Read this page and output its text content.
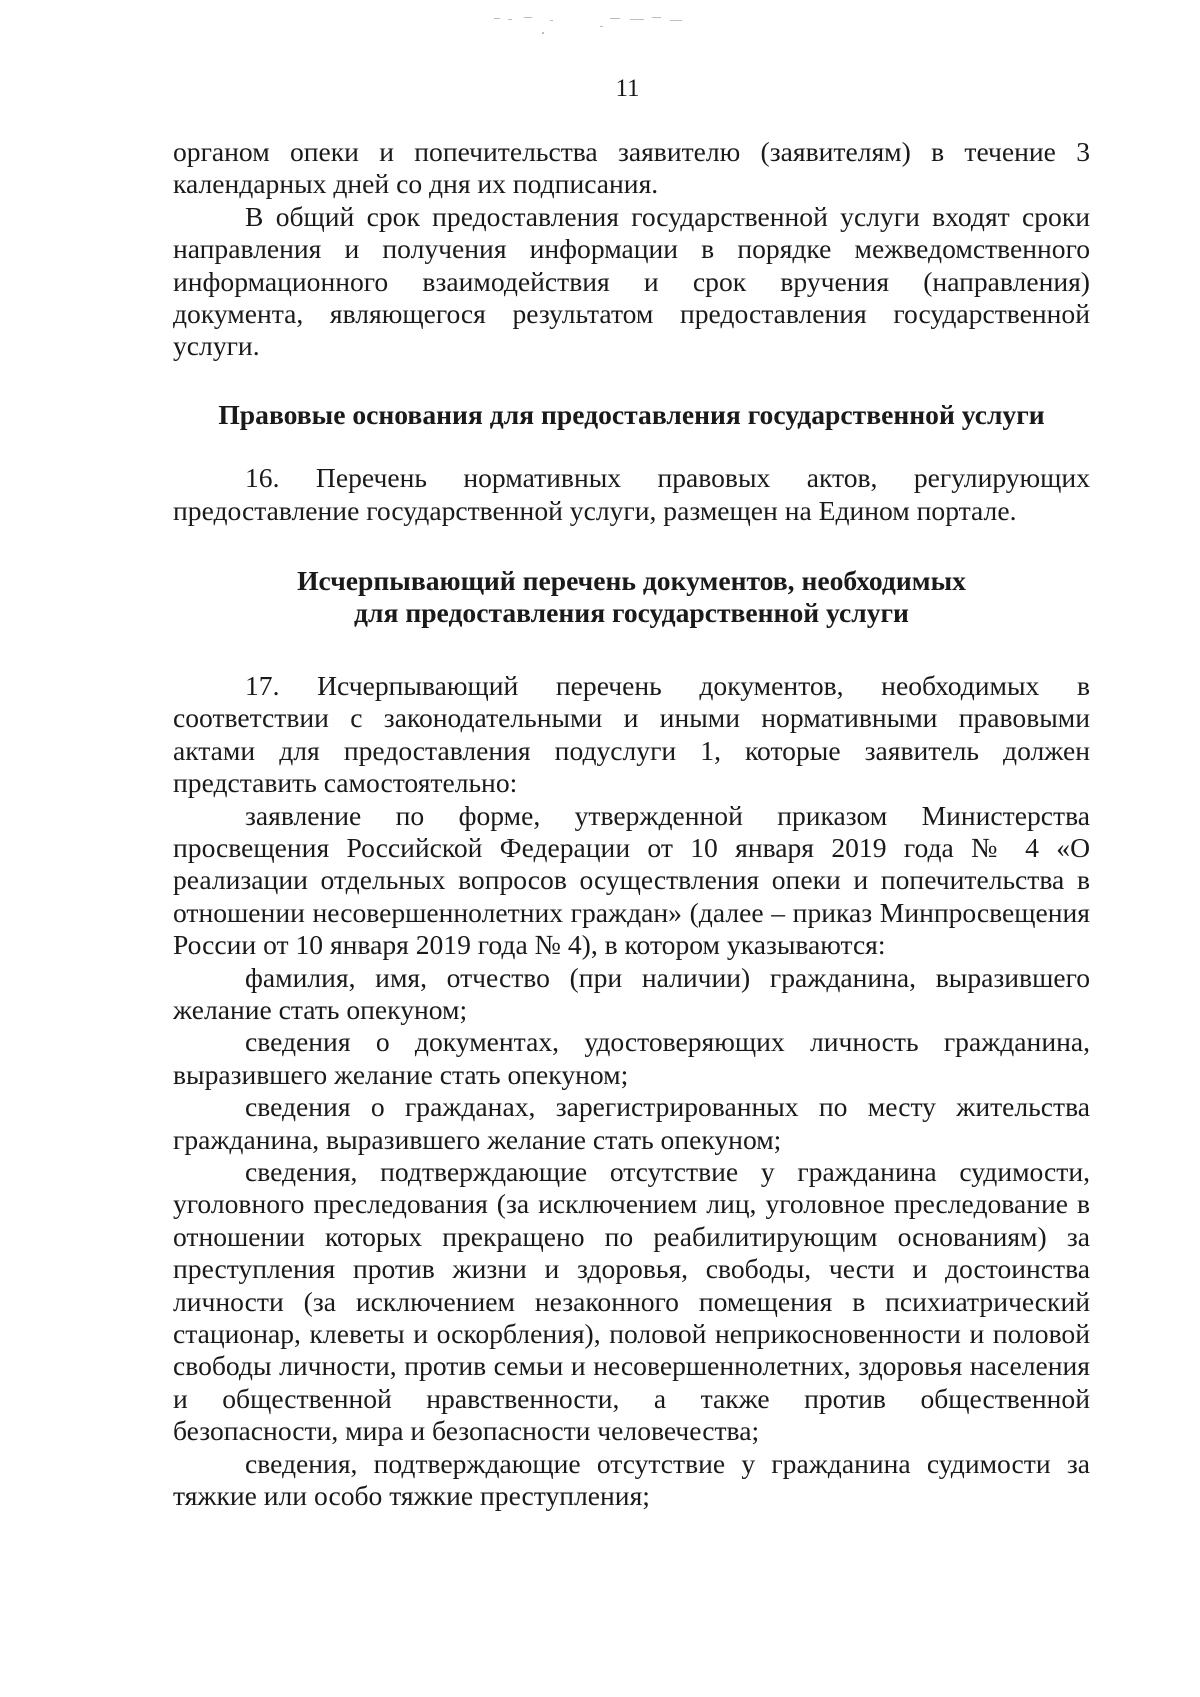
11

органом опеки и попечительства заявителю (заявителям) в течение 3 календарных дней со дня их подписания.

В общий срок предоставления государственной услуги входят сроки направления и получения информации в порядке межведомственного информационного взаимодействия и срок вручения (направления) документа, являющегося результатом предоставления государственной услуги.

Правовые основания для предоставления государственной услуги

16. Перечень нормативных правовых актов, регулирующих предоставление государственной услуги, размещен на Едином портале.

Исчерпывающий перечень документов, необходимых

для предоставления государственной услуги

17. Исчерпывающий перечень документов, необходимых в соответствии с законодательными и иными нормативными правовыми актами для предоставления подуслуги 1, которые заявитель должен представить самостоятельно:

заявление по форме, утвержденной приказом Министерства просвещения Российской Федерации от 10 января 2019 года № 4 «О реализации отдельных вопросов осуществления опеки и попечительства в отношении несовершеннолетних граждан» (далее – приказ Минпросвещения России от 10 января 2019 года № 4), в котором указываются:

фамилия, имя, отчество (при наличии) гражданина, выразившего желание стать опекуном;

сведения о документах, удостоверяющих личность гражданина, выразившего желание стать опекуном;

сведения о гражданах, зарегистрированных по месту жительства гражданина, выразившего желание стать опекуном;

сведения, подтверждающие отсутствие у гражданина судимости, уголовного преследования (за исключением лиц, уголовное преследование в отношении которых прекращено по реабилитирующим основаниям) за преступления против жизни и здоровья, свободы, чести и достоинства личности (за исключением незаконного помещения в психиатрический стационар, клеветы и оскорбления), половой неприкосновенности и половой свободы личности, против семьи и несовершеннолетних, здоровья населения и общественной нравственности, а также против общественной безопасности, мира и безопасности человечества;

сведения, подтверждающие отсутствие у гражданина судимости за тяжкие или особо тяжкие преступления;
